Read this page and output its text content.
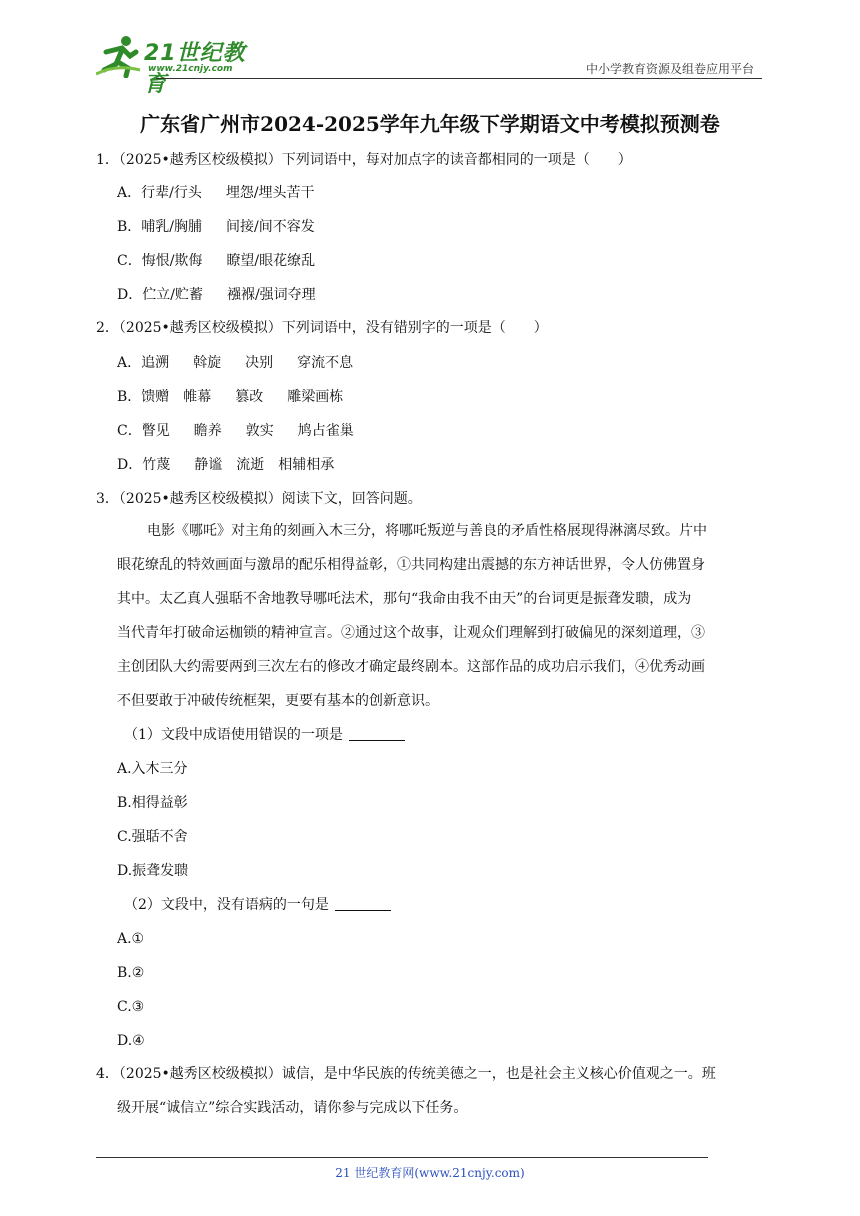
21世纪教育
www.21cnjy.com	中小学教育资源及组卷应用平台
广东省广州市2024-2025学年九年级下学期语文中考模拟预测卷
1．（2025•越秀区校级模拟）下列词语中，每对加点字的读音都相同的一项是（　　）
A．行辈/行头 埋怨/埋头苦干
B．哺乳/胸脯 间接/间不容发
C．悔恨/欺侮 瞭望/眼花缭乱
D．伫立/贮蓄 襁褓/强词夺理
2．（2025•越秀区校级模拟）下列词语中，没有错别字的一项是（　　）
A．追溯 斡旋 决别 穿流不息
B．馈赠 帷幕 篡改 雕梁画栋
C．瞥见 瞻养 敦实 鸠占雀巢
D．竹蔑 静谧 流逝 相辅相承
3．（2025•越秀区校级模拟）阅读下文，回答问题。
电影《哪吒》对主角的刻画入木三分，将哪吒叛逆与善良的矛盾性格展现得淋漓尽致。片中
眼花缭乱的特效画面与激昂的配乐相得益彰，①共同构建出震撼的东方神话世界，令人仿佛置身
其中。太乙真人强聒不舍地教导哪吒法术，那句“我命由我不由天”的台词更是振聋发聩，成为
当代青年打破命运枷锁的精神宣言。②通过这个故事，让观众们理解到打破偏见的深刻道理，③
主创团队大约需要两到三次左右的修改才确定最终剧本。这部作品的成功启示我们，④优秀动画
不但要敢于冲破传统框架，更要有基本的创新意识。
（1）文段中成语使用错误的一项是
A.入木三分
B.相得益彰
C.强聒不舍
D.振聋发聩
（2）文段中，没有语病的一句是
A.①
B.②
C.③
D.④
4．（2025•越秀区校级模拟）诚信，是中华民族的传统美德之一，也是社会主义核心价值观之一。班
级开展“诚信立”综合实践活动，请你参与完成以下任务。
21 世纪教育网(www.21cnjy.com)
